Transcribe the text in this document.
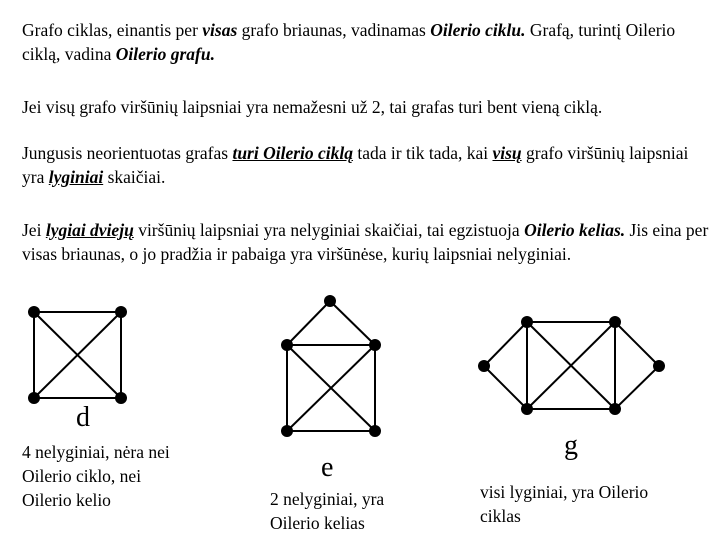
Grafo ciklas, einantis per visas grafo briaunas, vadinamas Oilerio ciklu. Grafą, turintį Oilerio ciklą, vadina Oilerio grafu.
Jei visų grafo viršūnių laipsniai yra nemažesni už 2, tai grafas turi bent vieną ciklą.
Jungusis neorientuotas grafas turi Oilerio ciklą tada ir tik tada, kai visų grafo viršūnių laipsniai yra lyginiai skaičiai.
Jei lygiai dviejų viršūnių laipsniai yra nelyginiai skaičiai, tai egzistuoja Oilerio kelias. Jis eina per visas briaunas, o jo pradžia ir pabaiga yra viršūnėse, kurių laipsniai nelyginiai.
d
e
g
4 nelyginiai, nėra nei
Oilerio ciklo, nei
Oilerio kelio	2 nelyginiai, yra
Oilerio kelias
visi lyginiai, yra Oilerio
ciklas
